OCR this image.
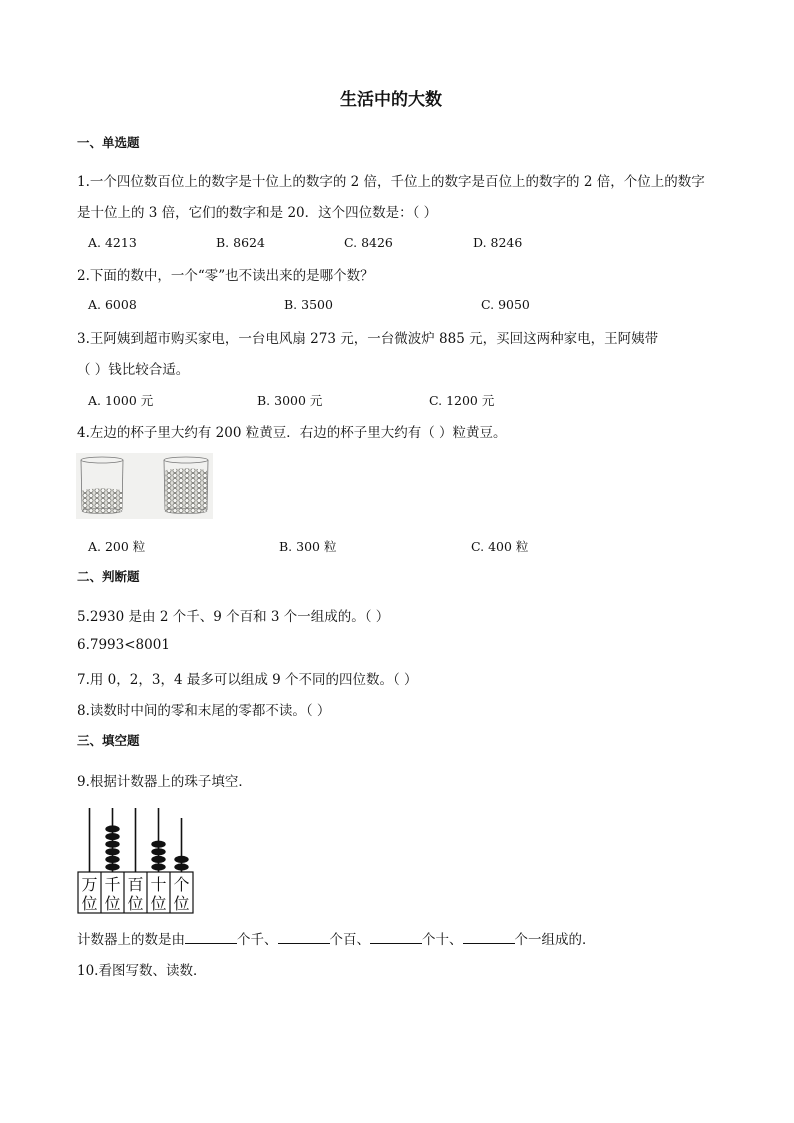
生活中的大数
一、单选题
1.一个四位数百位上的数字是十位上的数字的 2 倍，千位上的数字是百位上的数字的 2 倍，个位上的数字
是十位上的 3 倍，它们的数字和是 20．这个四位数是：（ ）
A. 4213	B. 8624	C. 8426	D. 8246
2.下面的数中，一个“零”也不读出来的是哪个数？
A. 6008	B. 3500	C. 9050
3.王阿姨到超市购买家电，一台电风扇 273 元，一台微波炉 885 元，买回这两种家电，王阿姨带
（ ）钱比较合适。
A. 1000 元	B. 3000 元	C. 1200 元
4.左边的杯子里大约有 200 粒黄豆．右边的杯子里大约有（ ）粒黄豆。
A. 200 粒	B. 300 粒	C. 400 粒
二、判断题
5.2930 是由 2 个千、9 个百和 3 个一组成的。（ ）
6.7993<8001
7.用 0，2，3，4 最多可以组成 9 个不同的四位数。（ ）
8.读数时中间的零和末尾的零都不读。（ ）
三、填空题
9.根据计数器上的珠子填空．
万
位
千
位
百
位
十
位
个
位
计数器上的数是由	个千、	个百、	个十、	个一组成的．
10.看图写数、读数．
